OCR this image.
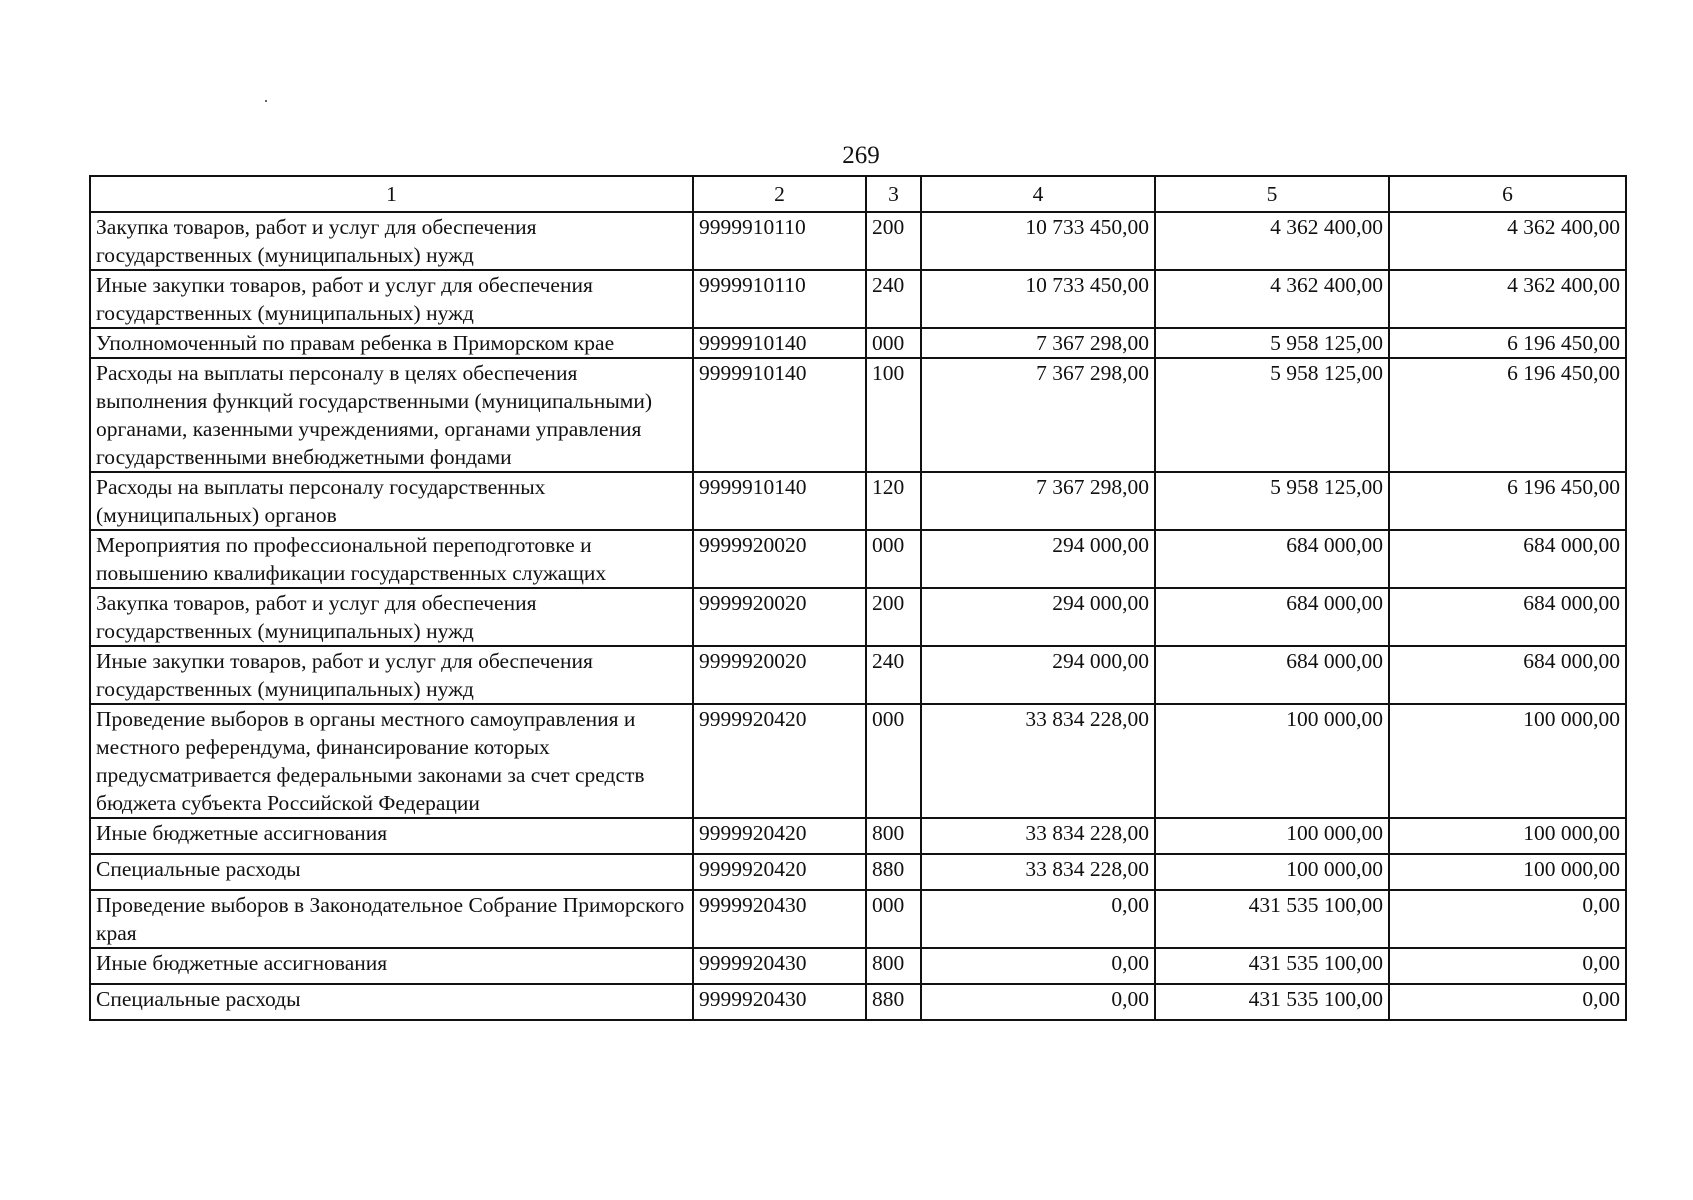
269
1	2	3	4	5	6
Закупка товаров, работ и услуг для обеспечения государственных (муниципальных) нужд	9999910110	200	10 733 450,00	4 362 400,00	4 362 400,00
Иные закупки товаров, работ и услуг для обеспечения государственных (муниципальных) нужд	9999910110	240	10 733 450,00	4 362 400,00	4 362 400,00
Уполномоченный по правам ребенка в Приморском крае	9999910140	000	7 367 298,00	5 958 125,00	6 196 450,00
Расходы на выплаты персоналу в целях обеспечения выполнения функций государственными (муниципальными) органами, казенными учреждениями, органами управления государственными внебюджетными фондами	9999910140	100	7 367 298,00	5 958 125,00	6 196 450,00
Расходы на выплаты персоналу государственных (муниципальных) органов	9999910140	120	7 367 298,00	5 958 125,00	6 196 450,00
Мероприятия по профессиональной переподготовке и повышению квалификации государственных служащих	9999920020	000	294 000,00	684 000,00	684 000,00
Закупка товаров, работ и услуг для обеспечения государственных (муниципальных) нужд	9999920020	200	294 000,00	684 000,00	684 000,00
Иные закупки товаров, работ и услуг для обеспечения государственных (муниципальных) нужд	9999920020	240	294 000,00	684 000,00	684 000,00
Проведение выборов в органы местного самоуправления и местного референдума, финансирование которых предусматривается федеральными законами за счет средств бюджета субъекта Российской Федерации	9999920420	000	33 834 228,00	100 000,00	100 000,00
Иные бюджетные ассигнования	9999920420	800	33 834 228,00	100 000,00	100 000,00
Специальные расходы	9999920420	880	33 834 228,00	100 000,00	100 000,00
Проведение выборов в Законодательное Собрание Приморского края	9999920430	000	0,00	431 535 100,00	0,00
Иные бюджетные ассигнования	9999920430	800	0,00	431 535 100,00	0,00
Специальные расходы	9999920430	880	0,00	431 535 100,00	0,00
